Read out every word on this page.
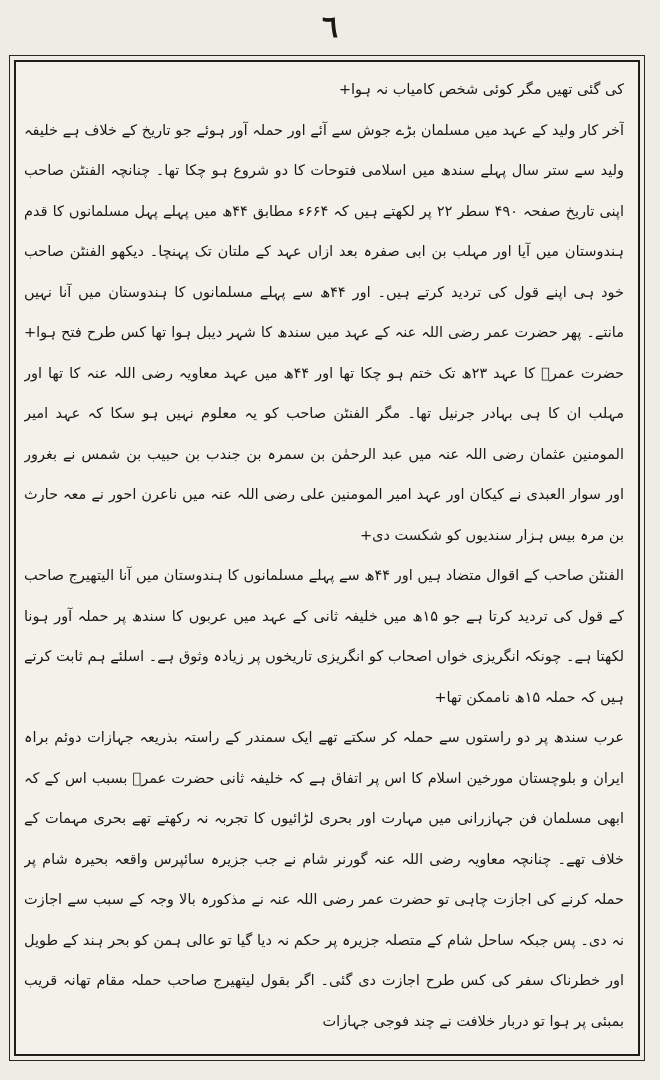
٦

کی گئی تھیں مگر کوئی شخص کامیاب نہ ہوا+

آخر کار ولید کے عہد میں مسلمان بڑے جوش سے آئے اور حملہ آور ہوئے جو تاریخ کے خلاف ہے خلیفہ ولید سے ستر سال پہلے سندھ میں اسلامی فتوحات کا دو شروع ہو چکا تھا۔ چنانچہ الفنٹن صاحب اپنی تاریخ صفحہ ۴۹۰ سطر ۲۲ پر لکھتے ہیں کہ ۶۶۴ء مطابق ۴۴ھ میں پہلے پہل مسلمانوں کا قدم ہندوستان میں آیا اور مہلب بن ابی صفرہ بعد ازاں عہد کے ملتان تک پہنچا۔ دیکھو الفنٹن صاحب خود ہی اپنے قول کی تردید کرتے ہیں۔ اور ۴۴ھ سے پہلے مسلمانوں کا ہندوستان میں آنا نہیں مانتے۔ پھر حضرت عمر رضی اللہ عنہ کے عہد میں سندھ کا شہر دیبل ہوا تھا کس طرح فتح ہوا+ حضرت عمرؓ کا عہد ۲۳ھ تک ختم ہو چکا تھا اور ۴۴ھ میں عہد معاویہ رضی اللہ عنہ کا تھا اور مہلب ان کا ہی بہادر جرنیل تھا۔ مگر الفنٹن صاحب کو یہ معلوم نہیں ہو سکا کہ عہد امیر المومنین عثمان رضی اللہ عنہ میں عبد الرحمٰن بن سمرہ بن جندب بن حبیب بن شمس نے بغرور اور سوار العبدی نے کیکان اور عہد امیر المومنین علی رضی اللہ عنہ میں ناعرن احور نے معہ حارث بن مرہ بیس ہزار سندیوں کو شکست دی+

الفنٹن صاحب کے اقوال متضاد ہیں اور ۴۴ھ سے پہلے مسلمانوں کا ہندوستان میں آنا الیتھیرج صاحب کے قول کی تردید کرتا ہے جو ۱۵ھ میں خلیفہ ثانی کے عہد میں عربوں کا سندھ پر حملہ آور ہونا لکھتا ہے۔ چونکہ انگریزی خواں اصحاب کو انگریزی تاریخوں پر زیادہ وثوق ہے۔ اسلئے ہم ثابت کرتے ہیں کہ حملہ ۱۵ھ ناممکن تھا+

عرب سندھ پر دو راستوں سے حملہ کر سکتے تھے ایک سمندر کے راستہ بذریعہ جہازات دوئم براہ ایران و بلوچستان مورخین اسلام کا اس پر اتفاق ہے کہ خلیفہ ثانی حضرت عمرؓ بسبب اس کے کہ ابھی مسلمان فن جہازرانی میں مہارت اور بحری لڑائیوں کا تجربہ نہ رکھتے تھے بحری مہمات کے خلاف تھے۔ چنانچہ معاویہ رضی اللہ عنہ گورنر شام نے جب جزیرہ سائپرس واقعہ بحیرہ شام پر حملہ کرنے کی اجازت چاہی تو حضرت عمر رضی اللہ عنہ نے مذکورہ بالا وجہ کے سبب سے اجازت نہ دی۔ پس جبکہ ساحل شام کے متصلہ جزیرہ پر حکم نہ دیا گیا تو عالی ہمن کو بحر ہند کے طویل اور خطرناک سفر کی کس طرح اجازت دی گئی۔ اگر بقول لیتھیرج صاحب حملہ مقام تھانہ قریب بمبئی پر ہوا تو دربار خلافت نے چند فوجی جہازات
